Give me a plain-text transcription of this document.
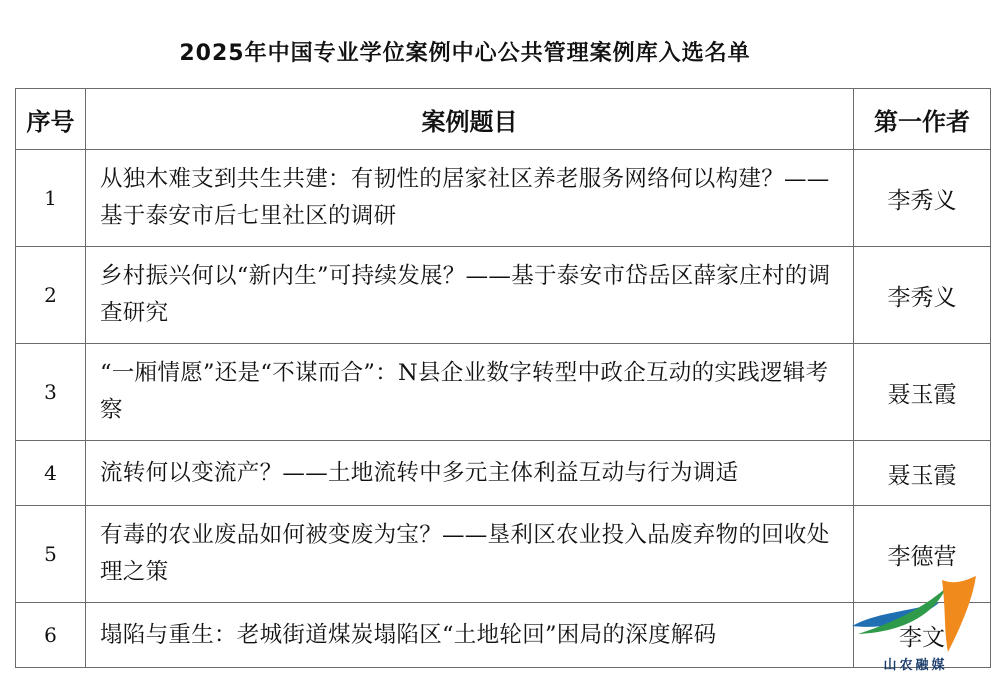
2025年中国专业学位案例中心公共管理案例库入选名单
序号	案例题目	第一作者
1	从独木难支到共生共建：有韧性的居家社区养老服务网络何以构建？—— 基于泰安市后七里社区的调研	李秀义
2	乡村振兴何以“新内生”可持续发展？——基于泰安市岱岳区薛家庄村的调查研究	李秀义
3	“一厢情愿”还是“不谋而合”：N县企业数字转型中政企互动的实践逻辑考察	聂玉霞
4	流转何以变流产？——土地流转中多元主体利益互动与行为调适	聂玉霞
5	有毒的农业废品如何被变废为宝？——垦利区农业投入品废弃物的回收处理之策	李德营
6	塌陷与重生：老城街道煤炭塌陷区“土地轮回”困局的深度解码	李文
山农融媒
